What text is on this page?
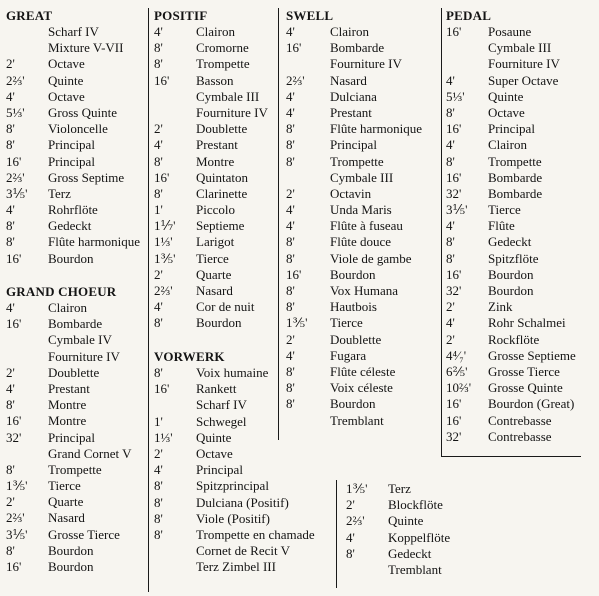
GREAT
Scharf IV
Mixture V-VII
2'	Octave
2⅔' Quinte
4'	Octave
5⅓' Gross Quinte
8'	Violoncelle
8'	Principal
16' Principal
2⅔' Gross Septime
3⅕' Terz
4'	Rohrflöte
8'	Gedeckt
8'	Flûte harmonique
16' Bourdon
GRAND CHOEUR
4'	Clairon
16' Bombarde
Cymbale IV
Fourniture IV
2'	Doublette
4'	Prestant
8'	Montre
16' Montre
32' Principal
Grand Cornet V
8'	Trompette
1⅗' Tierce
2'	Quarte
2⅔' Nasard
3⅕' Grosse Tierce
8'	Bourdon
16' Bourdon
POSITIF
4'	Clairon
8'	Cromorne
8'	Trompette
16' Basson
Cymbale III
Fourniture IV
2'	Doublette
4'	Prestant
8'	Montre
16' Quintaton
8'	Clarinette
1'	Piccolo
1⅐' Septieme
1⅓' Larigot
1⅗' Tierce
2'	Quarte
2⅔' Nasard
4'	Cor de nuit
8'	Bourdon
VORWERK
8'	Voix humaine
16' Rankett
Scharf IV
1'	Schwegel
1⅓' Quinte
2'	Octave
4'	Principal
8'	Spitzprincipal
8'	Dulciana (Positif)
8'	Viole (Positif)
8'	Trompette en chamade
Cornet de Recit V
Terz Zimbel III
SWELL
4'	Clairon
16' Bombarde
Fourniture IV
2⅔' Nasard
4'	Dulciana
4'	Prestant
8'	Flûte harmonique
8'	Principal
8'	Trompette
Cymbale III
2'	Octavin
4'	Unda Maris
4'	Flûte à fuseau
8'	Flûte douce
8'	Viole de gambe
16' Bourdon
8'	Vox Humana
8'	Hautbois
1⅗' Tierce
2'	Doublette
4'	Fugara
8'	Flûte céleste
8'	Voix céleste
8'	Bourdon
Tremblant
PEDAL
16' Posaune
Cymbale III
Fourniture IV
4'	Super Octave
5⅓' Quinte
8'	Octave
16' Principal
4'	Clairon
8'	Trompette
16' Bombarde
32' Bombarde
3⅕' Tierce
4'	Flûte
8'	Gedeckt
8'	Spitzflöte
16' Bourdon
32' Bourdon
2'	Zink
4'	Rohr Schalmei
2'	Rockflöte
4⁴⁄₇' Grosse Septieme
6⅖' Grosse Tierce
10⅔' Grosse Quinte
16' Bourdon (Great)
16' Contrebasse
32' Contrebasse
1⅗' Terz
2'	Blockflöte
2⅔' Quinte
4'	Koppelflöte
8'	Gedeckt
Tremblant
